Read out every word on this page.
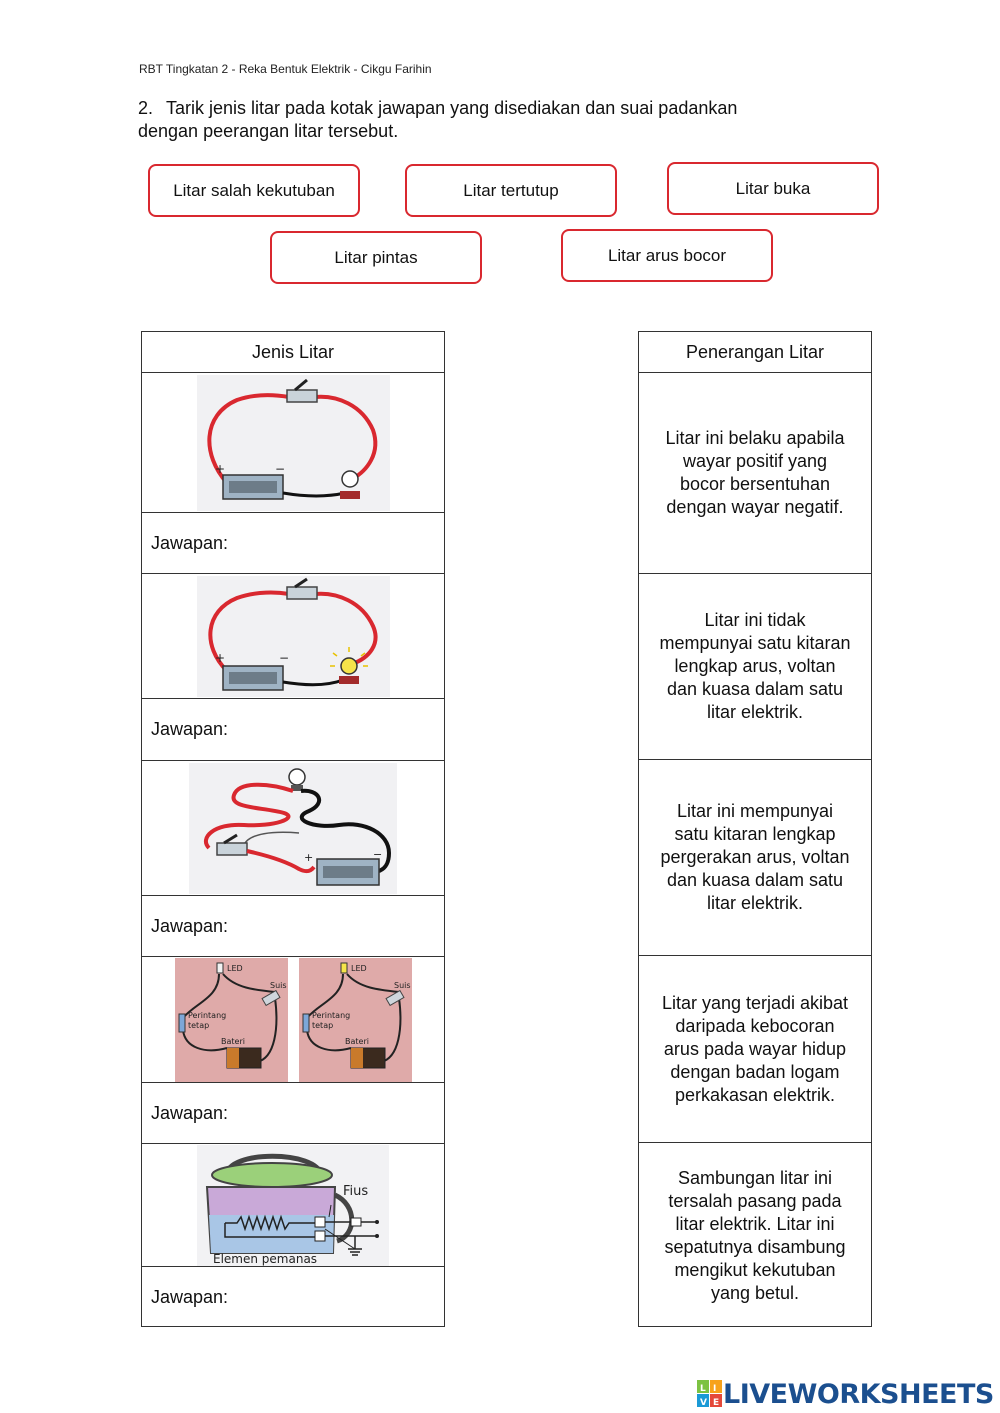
RBT Tingkatan 2 - Reka Bentuk Elektrik - Cikgu Farihin
2. Tarik jenis litar pada kotak jawapan yang disediakan dan suai padankan
dengan peerangan litar tersebut.
Litar salah kekutuban	Litar tertutup	Litar buka
Litar pintas	Litar arus bocor
Jenis Litar
+	−
Jawapan:
+	−
Jawapan:
+	−
Jawapan:
LED
Suis
Perintang
tetap
Bateri
LED
Suis
Perintang
tetap
Bateri
Jawapan:
Fius
Elemen pemanas
Jawapan:
Penerangan Litar
Litar ini belaku apabila
wayar positif yang
bocor bersentuhan
dengan wayar negatif.
Litar ini tidak
mempunyai satu kitaran
lengkap arus, voltan
dan kuasa dalam satu
litar elektrik.
Litar ini mempunyai
satu kitaran lengkap
pergerakan arus, voltan
dan kuasa dalam satu
litar elektrik.
Litar yang terjadi akibat
daripada kebocoran
arus pada wayar hidup
dengan badan logam
perkakasan elektrik.
Sambungan litar ini
tersalah pasang pada
litar elektrik. Litar ini
sepatutnya disambung
mengikut kekutuban
yang betul.
L I
V E LIVEWORKSHEETS
